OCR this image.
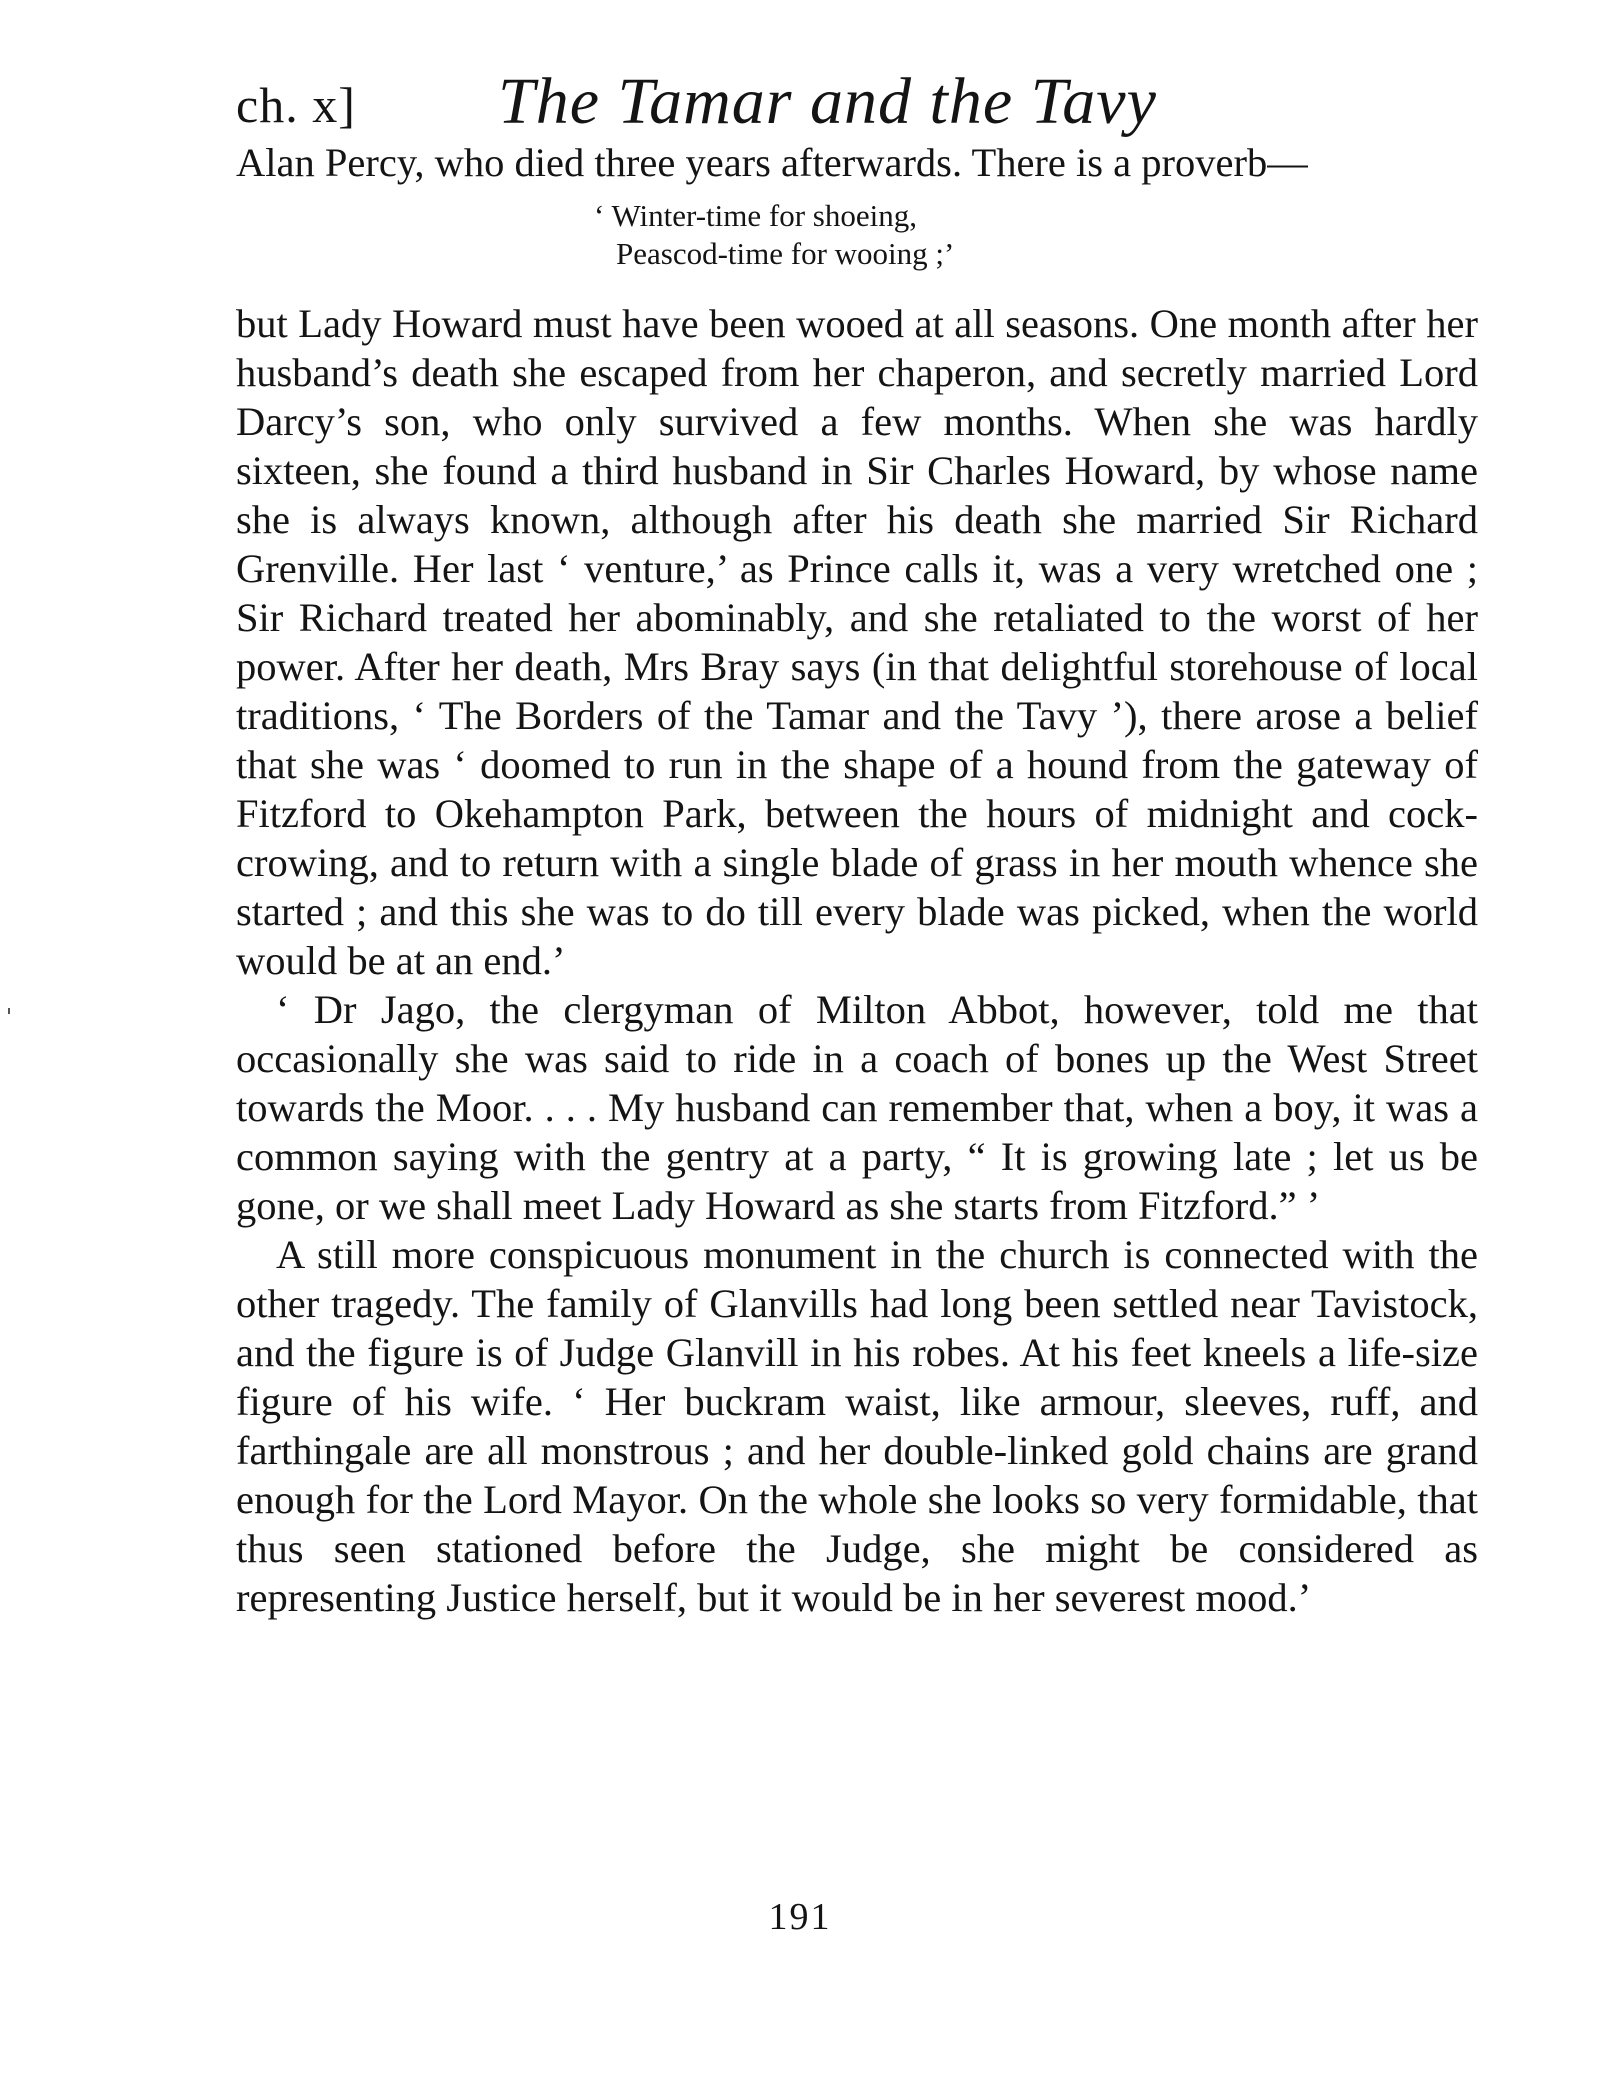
ch. x] The Tamar and the Tavy

Alan Percy, who died three years afterwards. There is a proverb—

‘ Winter-time for shoeing,
Peascod-time for wooing ;’

but Lady Howard must have been wooed at all seasons. One month after her husband’s death she escaped from her chaperon, and secretly married Lord Darcy’s son, who only survived a few months. When she was hardly sixteen, she found a third husband in Sir Charles Howard, by whose name she is always known, although after his death she married Sir Richard Grenville. Her last ‘ venture,’ as Prince calls it, was a very wretched one ; Sir Richard treated her abominably, and she retaliated to the worst of her power. After her death, Mrs Bray says (in that delightful storehouse of local traditions, ‘ The Borders of the Tamar and the Tavy ’), there arose a belief that she was ‘ doomed to run in the shape of a hound from the gateway of Fitzford to Okehampton Park, between the hours of midnight and cock-crowing, and to return with a single blade of grass in her mouth whence she started ; and this she was to do till every blade was picked, when the world would be at an end.’

‘ Dr Jago, the clergyman of Milton Abbot, however, told me that occasionally she was said to ride in a coach of bones up the West Street towards the Moor. . . . My husband can remember that, when a boy, it was a common saying with the gentry at a party, “ It is growing late ; let us be gone, or we shall meet Lady Howard as she starts from Fitzford.” ’

A still more conspicuous monument in the church is connected with the other tragedy. The family of Glanvills had long been settled near Tavistock, and the figure is of Judge Glanvill in his robes. At his feet kneels a life-size figure of his wife. ‘ Her buckram waist, like armour, sleeves, ruff, and farthingale are all monstrous ; and her double-linked gold chains are grand enough for the Lord Mayor. On the whole she looks so very formidable, that thus seen stationed before the Judge, she might be considered as representing Justice herself, but it would be in her severest mood.’

191
